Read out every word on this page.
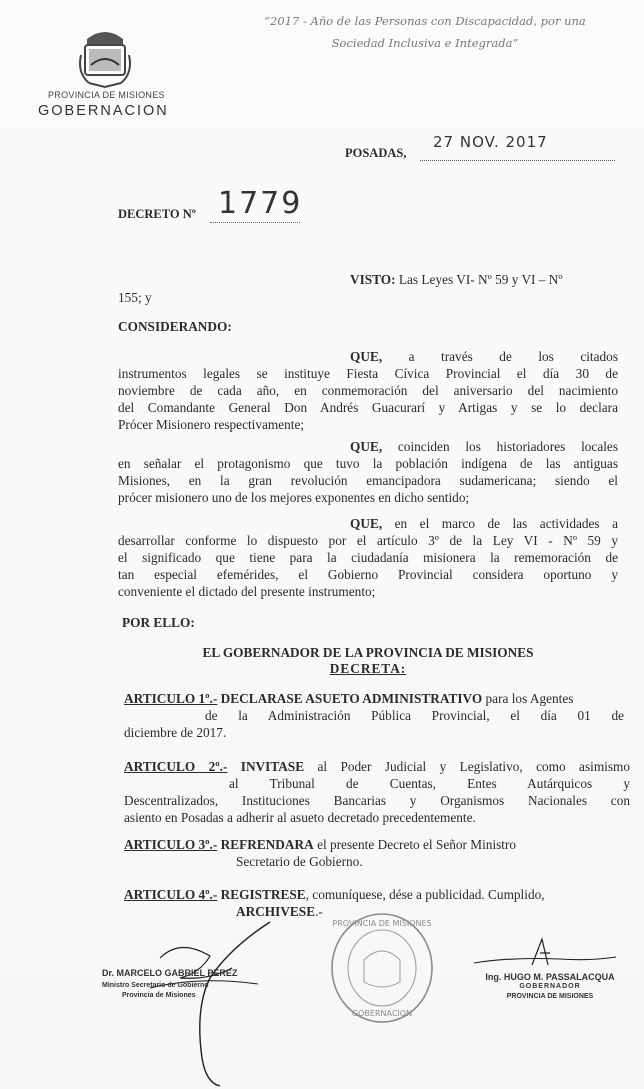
PROVINCIA DE MISIONES
GOBERNACION
“2017 - Año de las Personas con Discapacidad, por una
Sociedad Inclusiva e Integrada”
27 NOV. 2017
POSADAS,
DECRETO Nº 1779
VISTO: Las Leyes VI- Nº 59 y VI – Nº
155; y
CONSIDERANDO:
QUE, a través de los citados
instrumentos legales se instituye Fiesta Cívica Provincial el día 30 de
noviembre de cada año, en conmemoración del aniversario del nacimiento
del Comandante General Don Andrés Guacurarí y Artigas y se lo declara
Prócer Misionero respectivamente;
QUE, coinciden los historiadores locales
en señalar el protagonismo que tuvo la población indígena de las antiguas
Misiones, en la gran revolución emancipadora sudamericana; siendo el
prócer misionero uno de los mejores exponentes en dicho sentido;
QUE, en el marco de las actividades a
desarrollar conforme lo dispuesto por el artículo 3º de la Ley VI - Nº 59 y
el significado que tiene para la ciudadanía misionera la rememoración de
tan especial efemérides, el Gobierno Provincial considera oportuno y
conveniente el dictado del presente instrumento;
POR ELLO:
EL GOBERNADOR DE LA PROVINCIA DE MISIONES
DECRETA:
ARTICULO 1º.- DECLARASE ASUETO ADMINISTRATIVO para los Agentes
de la Administración Pública Provincial, el día 01 de
diciembre de 2017.
ARTICULO 2º.- INVITASE al Poder Judicial y Legislativo, como asimismo
al Tribunal de Cuentas, Entes Autárquicos y
Descentralizados, Instituciones Bancarias y Organismos Nacionales con
asiento en Posadas a adherir al asueto decretado precedentemente.
ARTICULO 3º.- REFRENDARA el presente Decreto el Señor Ministro
Secretario de Gobierno.
ARTICULO 4º.- REGISTRESE, comuníquese, dése a publicidad. Cumplido,
ARCHIVESE.-
Dr. MARCELO GABRIEL PÉREZ
Ministro Secretario de Gobierno
Provincia de Misiones
PROVINCIA DE MISIONES
GOBERNACION
Ing. HUGO M. PASSALACQUA
GOBERNADOR
PROVINCIA DE MISIONES
